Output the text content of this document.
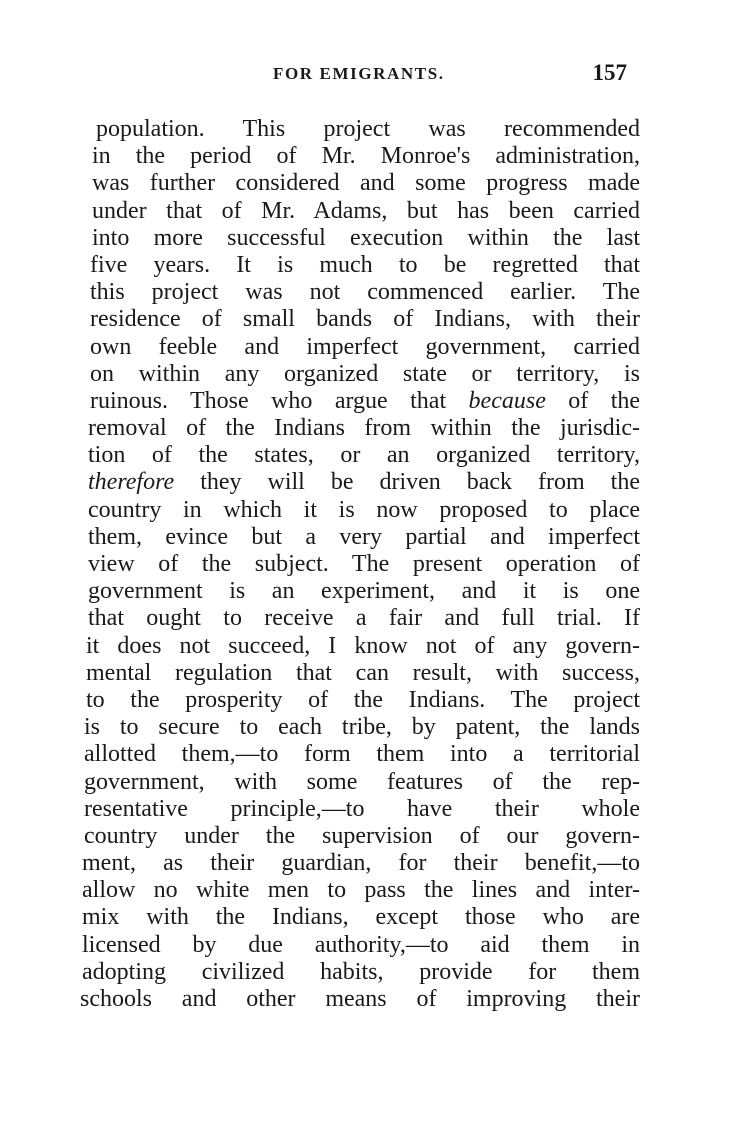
FOR EMIGRANTS.	157
population. This project was recommended
in the period of Mr. Monroe's administration,
was further considered and some progress made
under that of Mr. Adams, but has been carried
into more successful execution within the last
five years. It is much to be regretted that
this project was not commenced earlier. The
residence of small bands of Indians, with their
own feeble and imperfect government, carried
on within any organized state or territory, is
ruinous. Those who argue that because of the
removal of the Indians from within the jurisdic-
tion of the states, or an organized territory,
therefore they will be driven back from the
country in which it is now proposed to place
them, evince but a very partial and imperfect
view of the subject. The present operation of
government is an experiment, and it is one
that ought to receive a fair and full trial. If
it does not succeed, I know not of any govern-
mental regulation that can result, with success,
to the prosperity of the Indians. The project
is to secure to each tribe, by patent, the lands
allotted them,—to form them into a territorial
government, with some features of the rep-
resentative principle,—to have their whole
country under the supervision of our govern-
ment, as their guardian, for their benefit,—to
allow no white men to pass the lines and inter-
mix with the Indians, except those who are
licensed by due authority,—to aid them in
adopting civilized habits, provide for them
schools and other means of improving their
